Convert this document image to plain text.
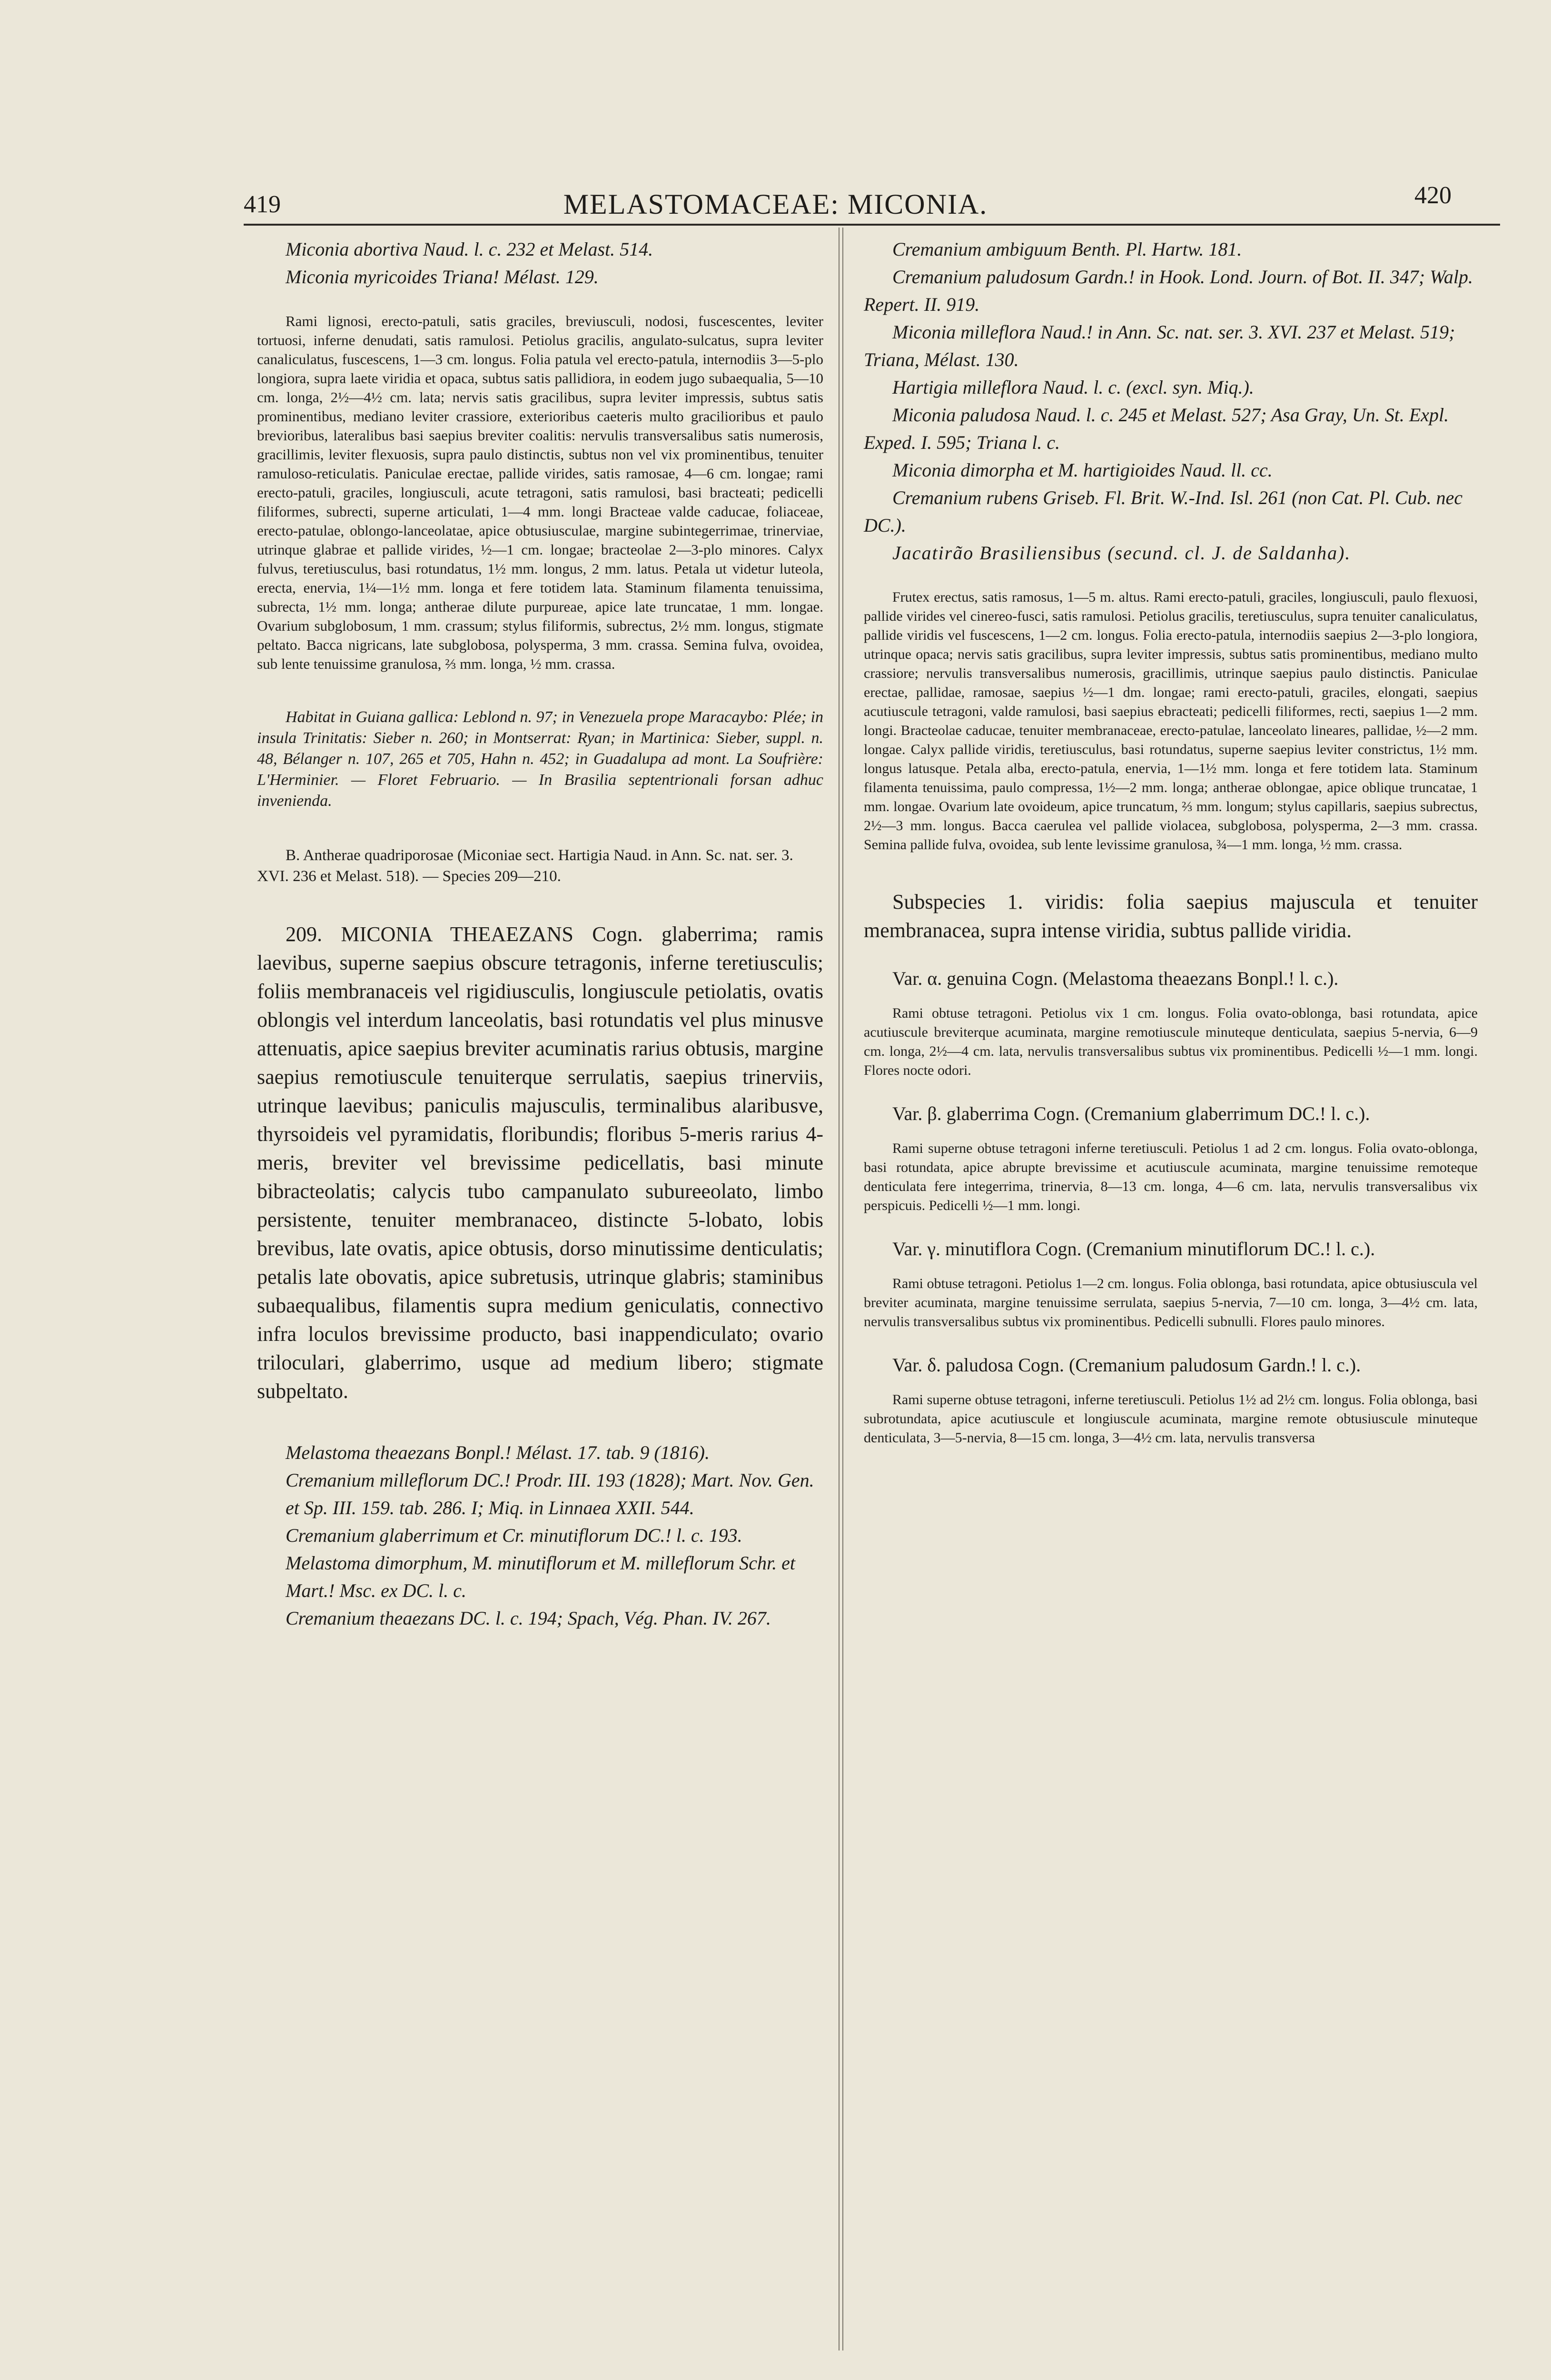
419	MELASTOMACEAE: MICONIA.	420

Miconia abortiva Naud. l. c. 232 et Melast. 514.

Miconia myricoides Triana! Mélast. 129.

Rami lignosi, erecto-patuli, satis graciles, breviusculi, nodosi, fuscescentes, leviter tortuosi, inferne denudati, satis ramulosi. Petiolus gracilis, angulato-sulcatus, supra leviter canaliculatus, fuscescens, 1—3 cm. longus. Folia patula vel erecto-patula, internodiis 3—5-plo longiora, supra laete viridia et opaca, subtus satis pallidiora, in eodem jugo subaequalia, 5—10 cm. longa, 2½—4½ cm. lata; nervis satis gracilibus, supra leviter impressis, subtus satis prominentibus, mediano leviter crassiore, exterioribus caeteris multo gracilioribus et paulo brevioribus, lateralibus basi saepius breviter coalitis: nervulis transversalibus satis numerosis, gracillimis, leviter flexuosis, supra paulo distinctis, subtus non vel vix prominentibus, tenuiter ramuloso-reticulatis. Paniculae erectae, pallide virides, satis ramosae, 4—6 cm. longae; rami erecto-patuli, graciles, longiusculi, acute tetragoni, satis ramulosi, basi bracteati; pedicelli filiformes, subrecti, superne articulati, 1—4 mm. longi Bracteae valde caducae, foliaceae, erecto-patulae, oblongo-lanceolatae, apice obtusiusculae, margine subintegerrimae, trinerviae, utrinque glabrae et pallide virides, ½—1 cm. longae; bracteolae 2—3-plo minores. Calyx fulvus, teretiusculus, basi rotundatus, 1½ mm. longus, 2 mm. latus. Petala ut videtur luteola, erecta, enervia, 1¼—1½ mm. longa et fere totidem lata. Staminum filamenta tenuissima, subrecta, 1½ mm. longa; antherae dilute purpureae, apice late truncatae, 1 mm. longae. Ovarium subglobosum, 1 mm. crassum; stylus filiformis, subrectus, 2½ mm. longus, stigmate peltato. Bacca nigricans, late subglobosa, polysperma, 3 mm. crassa. Semina fulva, ovoidea, sub lente tenuissime granulosa, ⅔ mm. longa, ½ mm. crassa.

Habitat in Guiana gallica: Leblond n. 97; in Venezuela prope Maracaybo: Plée; in insula Trinitatis: Sieber n. 260; in Montserrat: Ryan; in Martinica: Sieber, suppl. n. 48, Bélanger n. 107, 265 et 705, Hahn n. 452; in Guadalupa ad mont. La Soufrière: L'Herminier. — Floret Februario. — In Brasilia septentrionali forsan adhuc invenienda.

B. Antherae quadriporosae (Miconiae sect. Hartigia Naud. in Ann. Sc. nat. ser. 3. XVI. 236 et Melast. 518). — Species 209—210.

209. MICONIA THEAEZANS Cogn. glaberrima; ramis laevibus, superne saepius obscure tetragonis, inferne teretiusculis; foliis membranaceis vel rigidiusculis, longiuscule petiolatis, ovatis oblongis vel interdum lanceolatis, basi rotundatis vel plus minusve attenuatis, apice saepius breviter acuminatis rarius obtusis, margine saepius remotiuscule tenuiterque serrulatis, saepius trinerviis, utrinque laevibus; paniculis majusculis, terminalibus alaribusve, thyrsoideis vel pyramidatis, floribundis; floribus 5-meris rarius 4-meris, breviter vel brevissime pedicellatis, basi minute bibracteolatis; calycis tubo campanulato subureeolato, limbo persistente, tenuiter membranaceo, distincte 5-lobato, lobis brevibus, late ovatis, apice obtusis, dorso minutissime denticulatis; petalis late obovatis, apice subretusis, utrinque glabris; staminibus subaequalibus, filamentis supra medium geniculatis, connectivo infra loculos brevissime producto, basi inappendiculato; ovario triloculari, glaberrimo, usque ad medium libero; stigmate subpeltato.

Melastoma theaezans Bonpl.! Mélast. 17. tab. 9 (1816).

Cremanium milleflorum DC.! Prodr. III. 193 (1828); Mart. Nov. Gen. et Sp. III. 159. tab. 286. I; Miq. in Linnaea XXII. 544.

Cremanium glaberrimum et Cr. minutiflorum DC.! l. c. 193.

Melastoma dimorphum, M. minutiflorum et M. milleflorum Schr. et Mart.! Msc. ex DC. l. c.

Cremanium theaezans DC. l. c. 194; Spach, Vég. Phan. IV. 267.

Cremanium ambiguum Benth. Pl. Hartw. 181.

Cremanium paludosum Gardn.! in Hook. Lond. Journ. of Bot. II. 347; Walp. Repert. II. 919.

Miconia milleflora Naud.! in Ann. Sc. nat. ser. 3. XVI. 237 et Melast. 519; Triana, Mélast. 130.

Hartigia milleflora Naud. l. c. (excl. syn. Miq.).

Miconia paludosa Naud. l. c. 245 et Melast. 527; Asa Gray, Un. St. Expl. Exped. I. 595; Triana l. c.

Miconia dimorpha et M. hartigioides Naud. ll. cc.

Cremanium rubens Griseb. Fl. Brit. W.-Ind. Isl. 261 (non Cat. Pl. Cub. nec DC.).

Jacatirão Brasiliensibus (secund. cl. J. de Saldanha).

Frutex erectus, satis ramosus, 1—5 m. altus. Rami erecto-patuli, graciles, longiusculi, paulo flexuosi, pallide virides vel cinereo-fusci, satis ramulosi. Petiolus gracilis, teretiusculus, supra tenuiter canaliculatus, pallide viridis vel fuscescens, 1—2 cm. longus. Folia erecto-patula, internodiis saepius 2—3-plo longiora, utrinque opaca; nervis satis gracilibus, supra leviter impressis, subtus satis prominentibus, mediano multo crassiore; nervulis transversalibus numerosis, gracillimis, utrinque saepius paulo distinctis. Paniculae erectae, pallidae, ramosae, saepius ½—1 dm. longae; rami erecto-patuli, graciles, elongati, saepius acutiuscule tetragoni, valde ramulosi, basi saepius ebracteati; pedicelli filiformes, recti, saepius 1—2 mm. longi. Bracteolae caducae, tenuiter membranaceae, erecto-patulae, lanceolato lineares, pallidae, ½—2 mm. longae. Calyx pallide viridis, teretiusculus, basi rotundatus, superne saepius leviter constrictus, 1½ mm. longus latusque. Petala alba, erecto-patula, enervia, 1—1½ mm. longa et fere totidem lata. Staminum filamenta tenuissima, paulo compressa, 1½—2 mm. longa; antherae oblongae, apice oblique truncatae, 1 mm. longae. Ovarium late ovoideum, apice truncatum, ⅔ mm. longum; stylus capillaris, saepius subrectus, 2½—3 mm. longus. Bacca caerulea vel pallide violacea, subglobosa, polysperma, 2—3 mm. crassa. Semina pallide fulva, ovoidea, sub lente levissime granulosa, ¾—1 mm. longa, ½ mm. crassa.

Subspecies 1. viridis: folia saepius majuscula et tenuiter membranacea, supra intense viridia, subtus pallide viridia.

Var. α. genuina Cogn. (Melastoma theaezans Bonpl.! l. c.).

Rami obtuse tetragoni. Petiolus vix 1 cm. longus. Folia ovato-oblonga, basi rotundata, apice acutiuscule breviterque acuminata, margine remotiuscule minuteque denticulata, saepius 5-nervia, 6—9 cm. longa, 2½—4 cm. lata, nervulis transversalibus subtus vix prominentibus. Pedicelli ½—1 mm. longi. Flores nocte odori.

Var. β. glaberrima Cogn. (Cremanium glaberrimum DC.! l. c.).

Rami superne obtuse tetragoni inferne teretiusculi. Petiolus 1 ad 2 cm. longus. Folia ovato-oblonga, basi rotundata, apice abrupte brevissime et acutiuscule acuminata, margine tenuissime remoteque denticulata fere integerrima, trinervia, 8—13 cm. longa, 4—6 cm. lata, nervulis transversalibus vix perspicuis. Pedicelli ½—1 mm. longi.

Var. γ. minutiflora Cogn. (Cremanium minutiflorum DC.! l. c.).

Rami obtuse tetragoni. Petiolus 1—2 cm. longus. Folia oblonga, basi rotundata, apice obtusiuscula vel breviter acuminata, margine tenuissime serrulata, saepius 5-nervia, 7—10 cm. longa, 3—4½ cm. lata, nervulis transversalibus subtus vix prominentibus. Pedicelli subnulli. Flores paulo minores.

Var. δ. paludosa Cogn. (Cremanium paludosum Gardn.! l. c.).

Rami superne obtuse tetragoni, inferne teretiusculi. Petiolus 1½ ad 2½ cm. longus. Folia oblonga, basi subrotundata, apice acutiuscule et longiuscule acuminata, margine remote obtusiuscule minuteque denticulata, 3—5-nervia, 8—15 cm. longa, 3—4½ cm. lata, nervulis transversa
